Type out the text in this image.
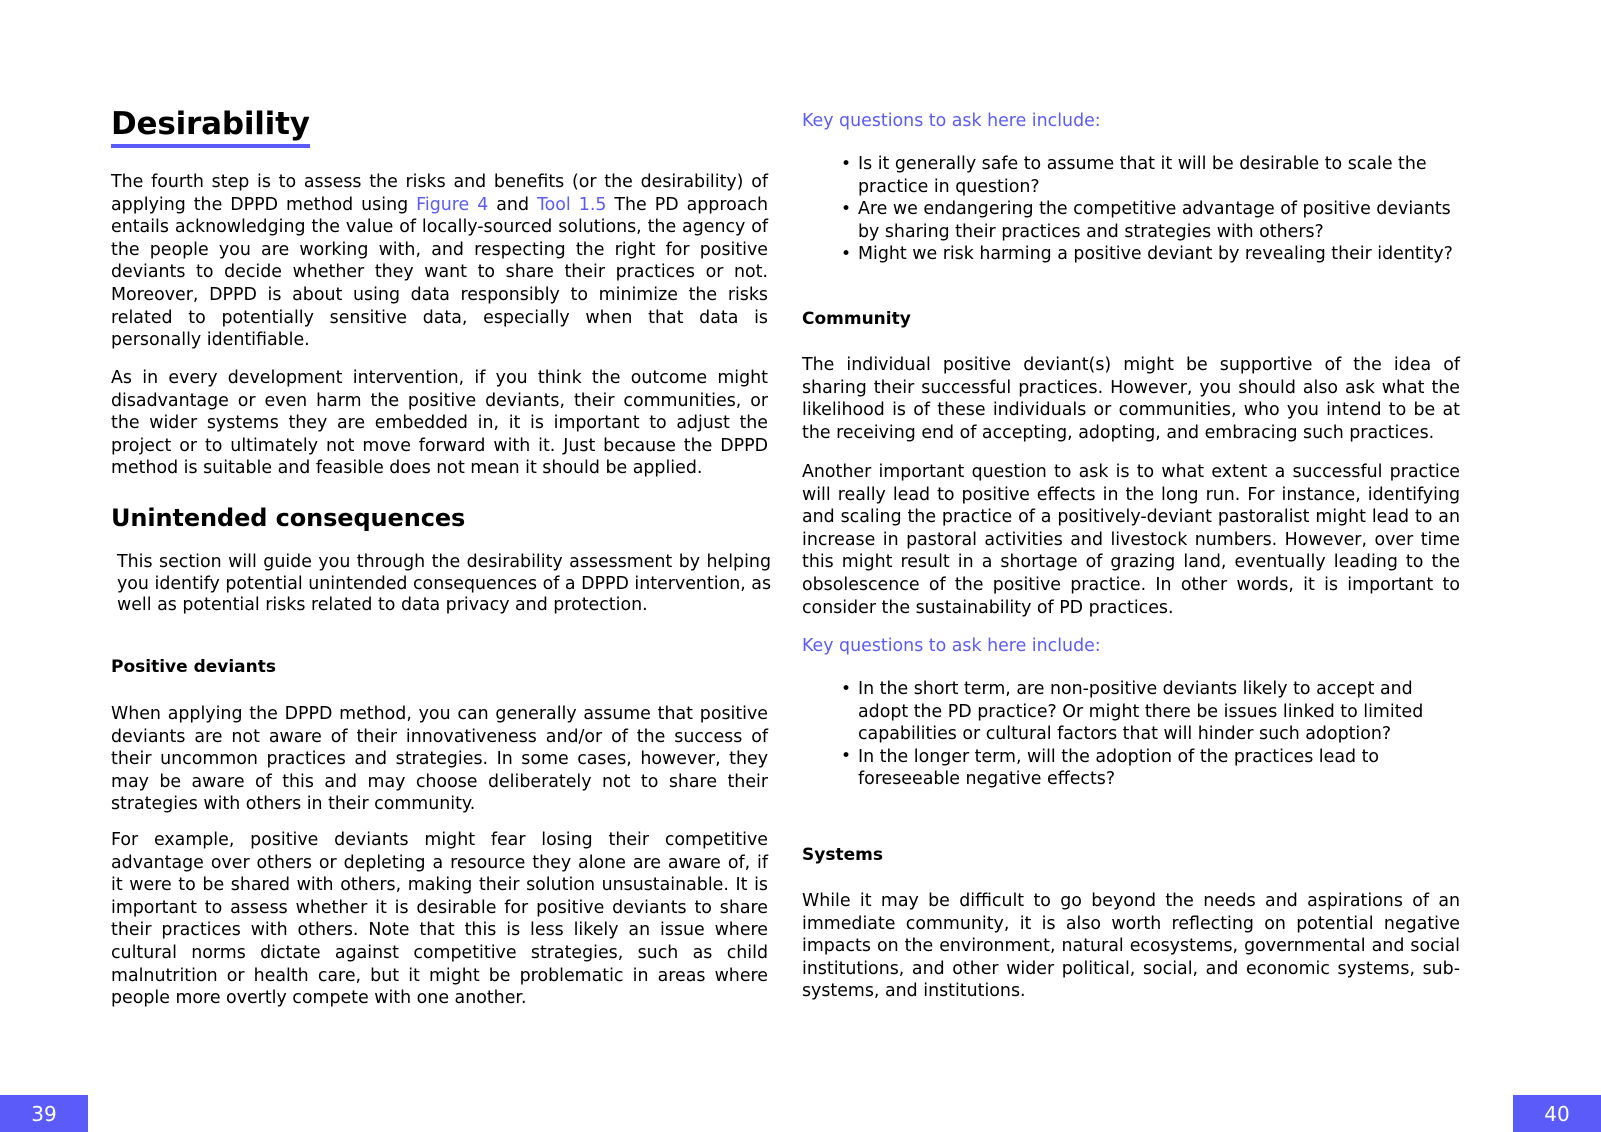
Desirability

The fourth step is to assess the risks and benefits (or the desirability) of applying the DPPD method using Figure 4 and Tool 1.5 The PD approach entails acknowledging the value of locally-sourced solutions, the agency of the people you are working with, and respecting the right for positive deviants to decide whether they want to share their practices or not. Moreover, DPPD is about using data responsibly to minimize the risks related to potentially sensitive data, especially when that data is personally identifiable.

As in every development intervention, if you think the outcome might disadvantage or even harm the positive deviants, their communities, or the wider systems they are embedded in, it is important to adjust the project or to ultimately not move forward with it. Just because the DPPD method is suitable and feasible does not mean it should be applied.

Unintended consequences

This section will guide you through the desirability assessment by helping you identify potential unintended consequences of a DPPD intervention, as well as potential risks related to data privacy and protection.

Positive deviants

When applying the DPPD method, you can generally assume that positive deviants are not aware of their innovativeness and/or of the success of their uncommon practices and strategies. In some cases, however, they may be aware of this and may choose deliberately not to share their strategies with others in their community.

For example, positive deviants might fear losing their competitive advantage over others or depleting a resource they alone are aware of, if it were to be shared with others, making their solution unsustainable. It is important to assess whether it is desirable for positive deviants to share their practices with others. Note that this is less likely an issue where cultural norms dictate against competitive strategies, such as child malnutrition or health care, but it might be problematic in areas where people more overtly compete with one another.

Key questions to ask here include:

• Is it generally safe to assume that it will be desirable to scale the practice in question?
• Are we endangering the competitive advantage of positive deviants by sharing their practices and strategies with others?
• Might we risk harming a positive deviant by revealing their identity?
Community

The individual positive deviant(s) might be supportive of the idea of sharing their successful practices. However, you should also ask what the likelihood is of these individuals or communities, who you intend to be at the receiving end of accepting, adopting, and embracing such practices.

Another important question to ask is to what extent a successful practice will really lead to positive effects in the long run. For instance, identifying and scaling the practice of a positively-deviant pastoralist might lead to an increase in pastoral activities and livestock numbers. However, over time this might result in a shortage of grazing land, eventually leading to the obsolescence of the positive practice. In other words, it is important to consider the sustainability of PD practices.

Key questions to ask here include:

• In the short term, are non-positive deviants likely to accept and adopt the PD practice? Or might there be issues linked to limited capabilities or cultural factors that will hinder such adoption?
• In the longer term, will the adoption of the practices lead to foreseeable negative effects?
Systems

While it may be difficult to go beyond the needs and aspirations of an immediate community, it is also worth reflecting on potential negative impacts on the environment, natural ecosystems, governmental and social institutions, and other wider political, social, and economic systems, sub-systems, and institutions.

39	40
